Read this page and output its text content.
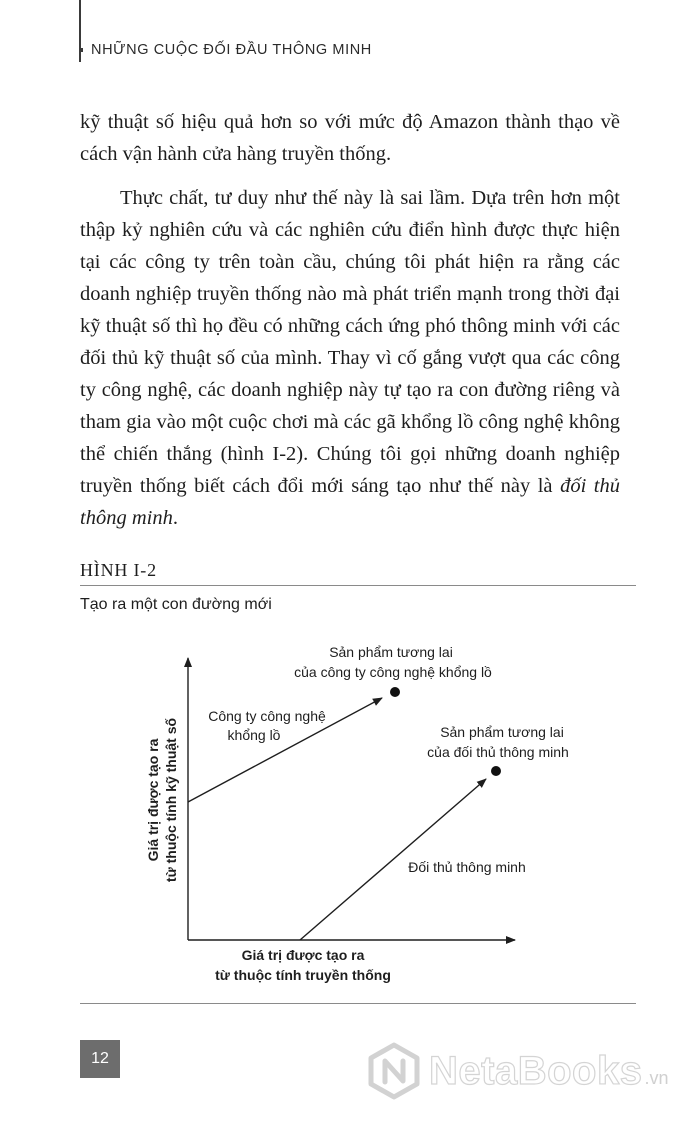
NHỮNG CUỘC ĐỐI ĐẦU THÔNG MINH

kỹ thuật số hiệu quả hơn so với mức độ Amazon thành thạo về cách vận hành cửa hàng truyền thống.

Thực chất, tư duy như thế này là sai lầm. Dựa trên hơn một thập kỷ nghiên cứu và các nghiên cứu điển hình được thực hiện tại các công ty trên toàn cầu, chúng tôi phát hiện ra rằng các doanh nghiệp truyền thống nào mà phát triển mạnh trong thời đại kỹ thuật số thì họ đều có những cách ứng phó thông minh với các đối thủ kỹ thuật số của mình. Thay vì cố gắng vượt qua các công ty công nghệ, các doanh nghiệp này tự tạo ra con đường riêng và tham gia vào một cuộc chơi mà các gã khổng lồ công nghệ không thể chiến thắng (hình I-2). Chúng tôi gọi những doanh nghiệp truyền thống biết cách đổi mới sáng tạo như thế này là đối thủ thông minh.

HÌNH I-2
Tạo ra một con đường mới
Giá trị được tạo ra từ thuộc tính kỹ thuật số
Giá trị được tạo ra
từ thuộc tính truyền thống
Công ty công nghệ
khổng lồ
Sản phẩm tương lai
của công ty công nghệ khổng lồ
Đối thủ thông minh
Sản phẩm tương lai
của đối thủ thông minh
12	NetaBooks .vn
